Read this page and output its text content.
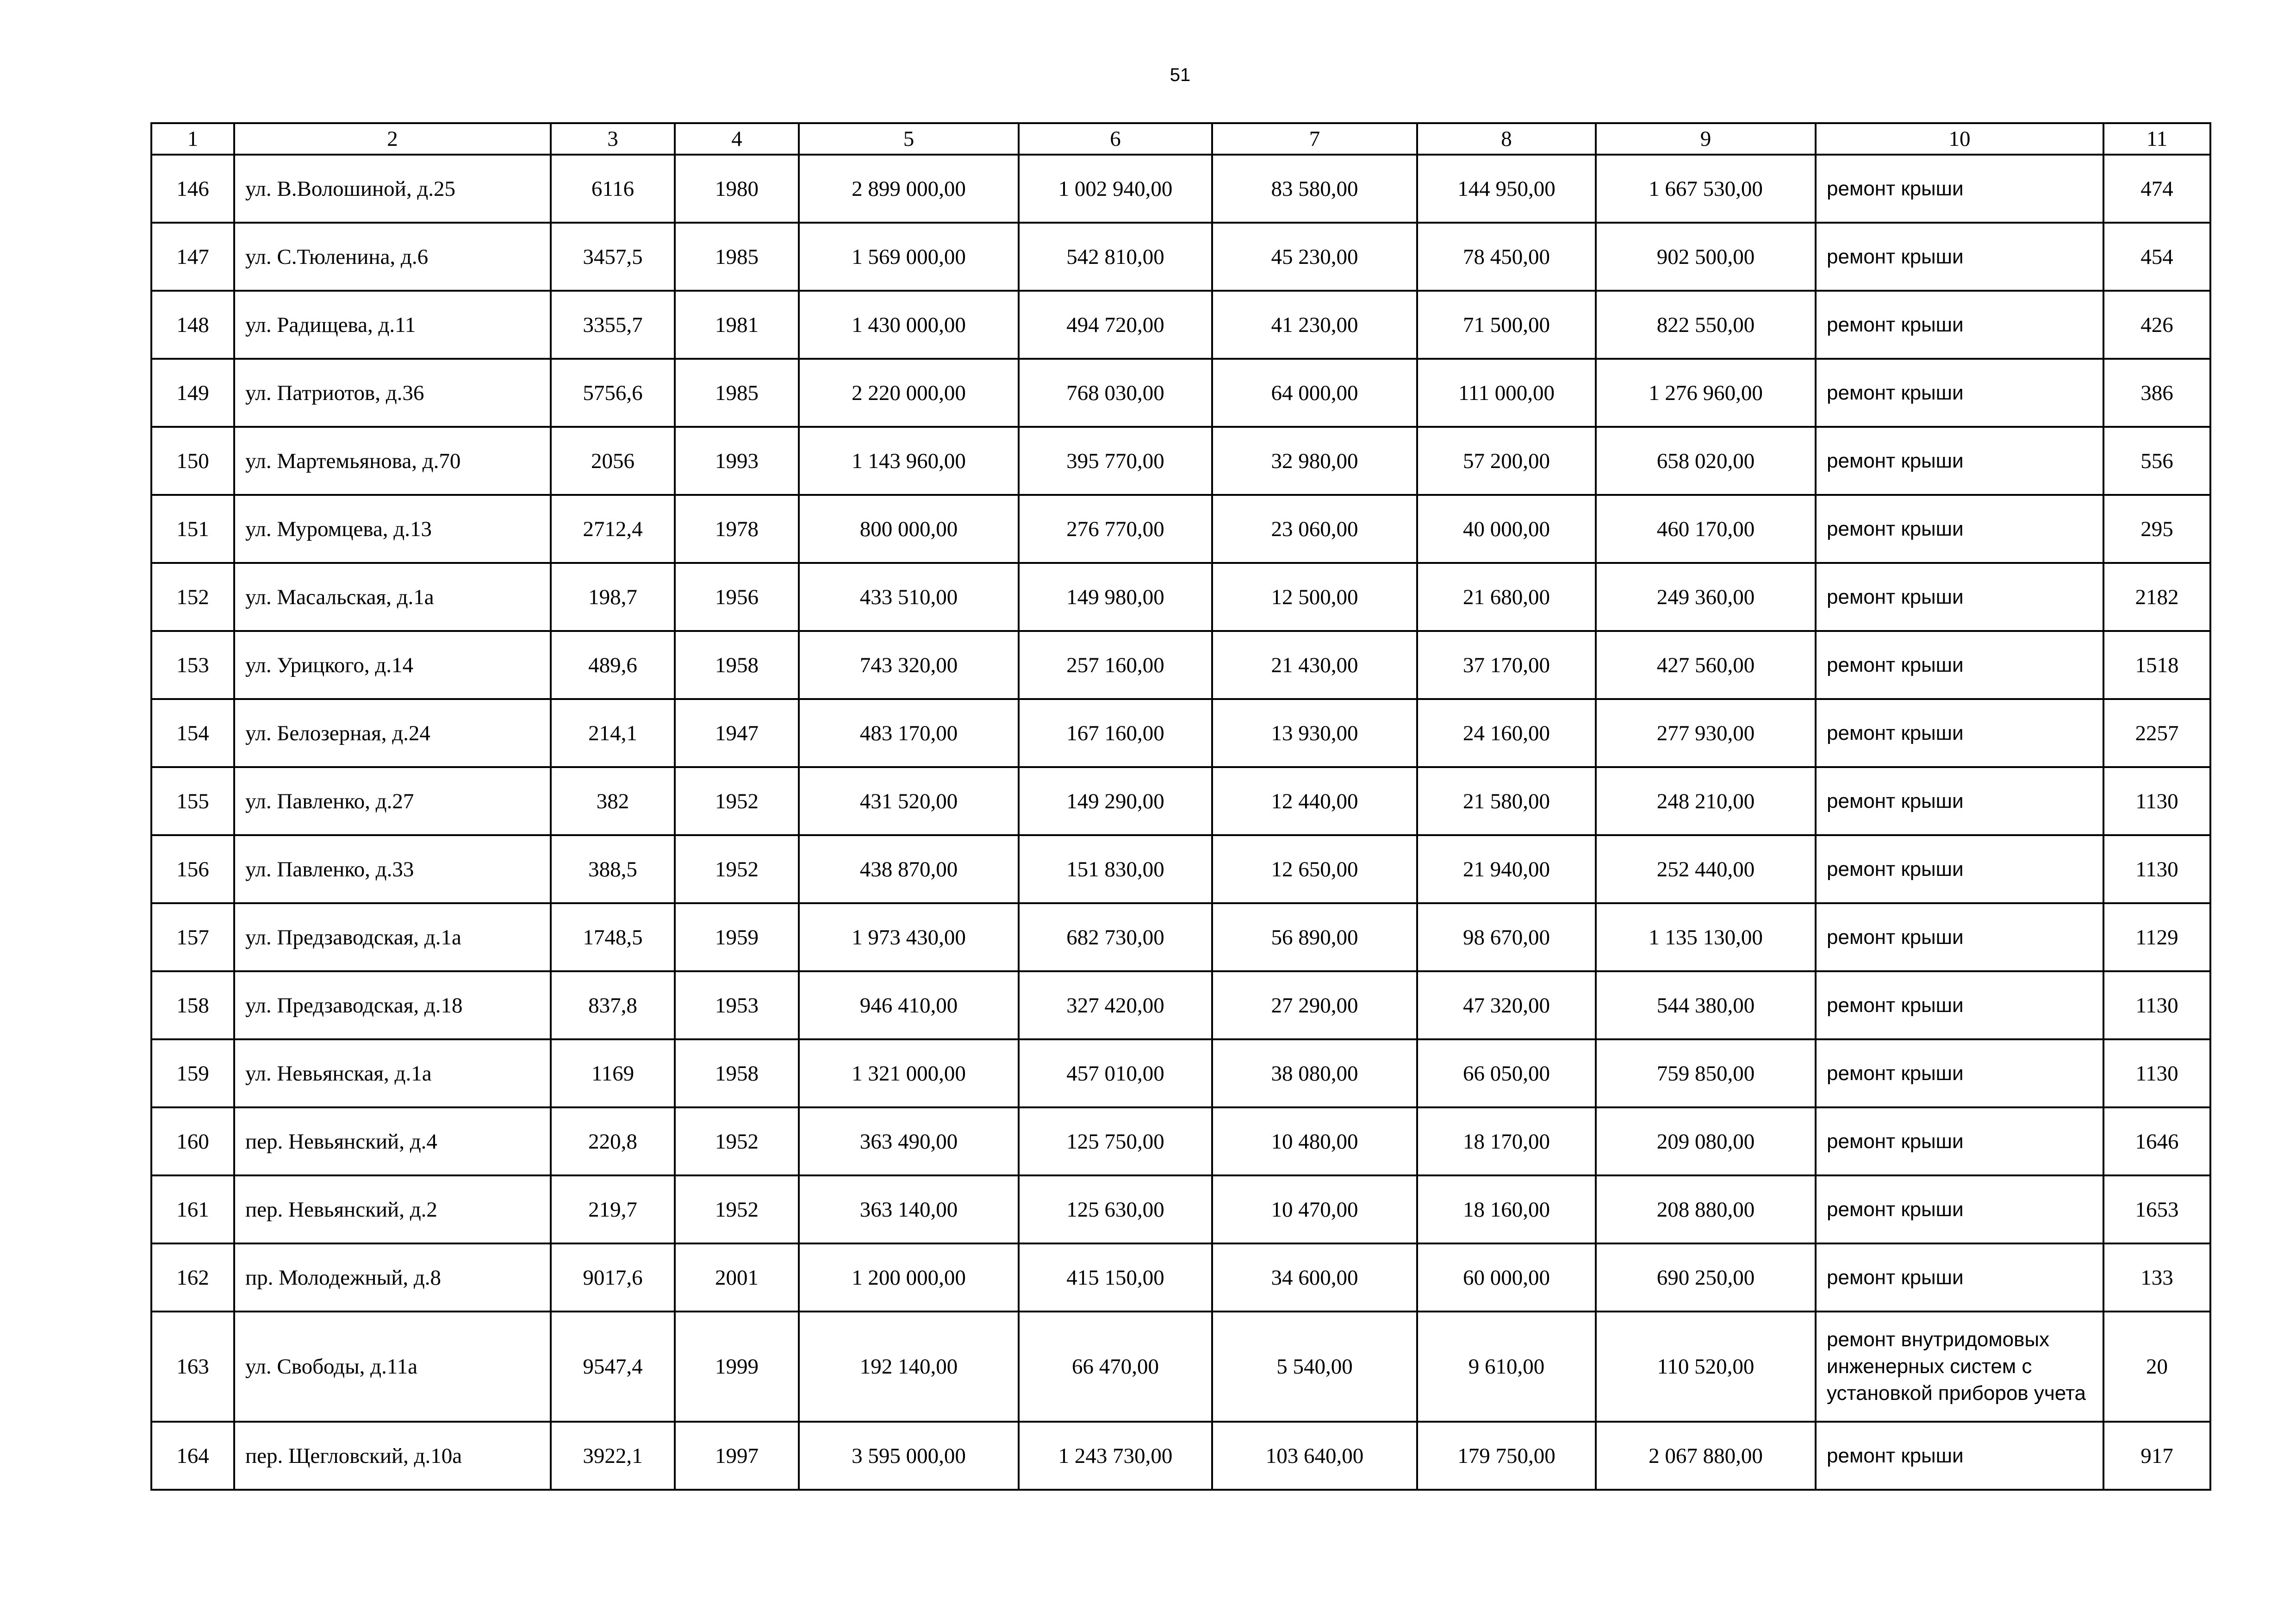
51
1	2	3	4	5	6	7	8	9	10	11
146	ул. В.Волошиной, д.25	6116	1980	2 899 000,00	1 002 940,00	83 580,00	144 950,00	1 667 530,00	ремонт крыши	474
147	ул. С.Тюленина, д.6	3457,5	1985	1 569 000,00	542 810,00	45 230,00	78 450,00	902 500,00	ремонт крыши	454
148	ул. Радищева, д.11	3355,7	1981	1 430 000,00	494 720,00	41 230,00	71 500,00	822 550,00	ремонт крыши	426
149	ул. Патриотов, д.36	5756,6	1985	2 220 000,00	768 030,00	64 000,00	111 000,00	1 276 960,00	ремонт крыши	386
150	ул. Мартемьянова, д.70	2056	1993	1 143 960,00	395 770,00	32 980,00	57 200,00	658 020,00	ремонт крыши	556
151	ул. Муромцева, д.13	2712,4	1978	800 000,00	276 770,00	23 060,00	40 000,00	460 170,00	ремонт крыши	295
152	ул. Масальская, д.1а	198,7	1956	433 510,00	149 980,00	12 500,00	21 680,00	249 360,00	ремонт крыши	2182
153	ул. Урицкого, д.14	489,6	1958	743 320,00	257 160,00	21 430,00	37 170,00	427 560,00	ремонт крыши	1518
154	ул. Белозерная, д.24	214,1	1947	483 170,00	167 160,00	13 930,00	24 160,00	277 930,00	ремонт крыши	2257
155	ул. Павленко, д.27	382	1952	431 520,00	149 290,00	12 440,00	21 580,00	248 210,00	ремонт крыши	1130
156	ул. Павленко, д.33	388,5	1952	438 870,00	151 830,00	12 650,00	21 940,00	252 440,00	ремонт крыши	1130
157	ул. Предзаводская, д.1а	1748,5	1959	1 973 430,00	682 730,00	56 890,00	98 670,00	1 135 130,00	ремонт крыши	1129
158	ул. Предзаводская, д.18	837,8	1953	946 410,00	327 420,00	27 290,00	47 320,00	544 380,00	ремонт крыши	1130
159	ул. Невьянская, д.1а	1169	1958	1 321 000,00	457 010,00	38 080,00	66 050,00	759 850,00	ремонт крыши	1130
160	пер. Невьянский, д.4	220,8	1952	363 490,00	125 750,00	10 480,00	18 170,00	209 080,00	ремонт крыши	1646
161	пер. Невьянский, д.2	219,7	1952	363 140,00	125 630,00	10 470,00	18 160,00	208 880,00	ремонт крыши	1653
162	пр. Молодежный, д.8	9017,6	2001	1 200 000,00	415 150,00	34 600,00	60 000,00	690 250,00	ремонт крыши	133
163	ул. Свободы, д.11а	9547,4	1999	192 140,00	66 470,00	5 540,00	9 610,00	110 520,00	ремонт внутридомовых инженерных систем с установкой приборов учета	20
164	пер. Щегловский, д.10а	3922,1	1997	3 595 000,00	1 243 730,00	103 640,00	179 750,00	2 067 880,00	ремонт крыши	917
